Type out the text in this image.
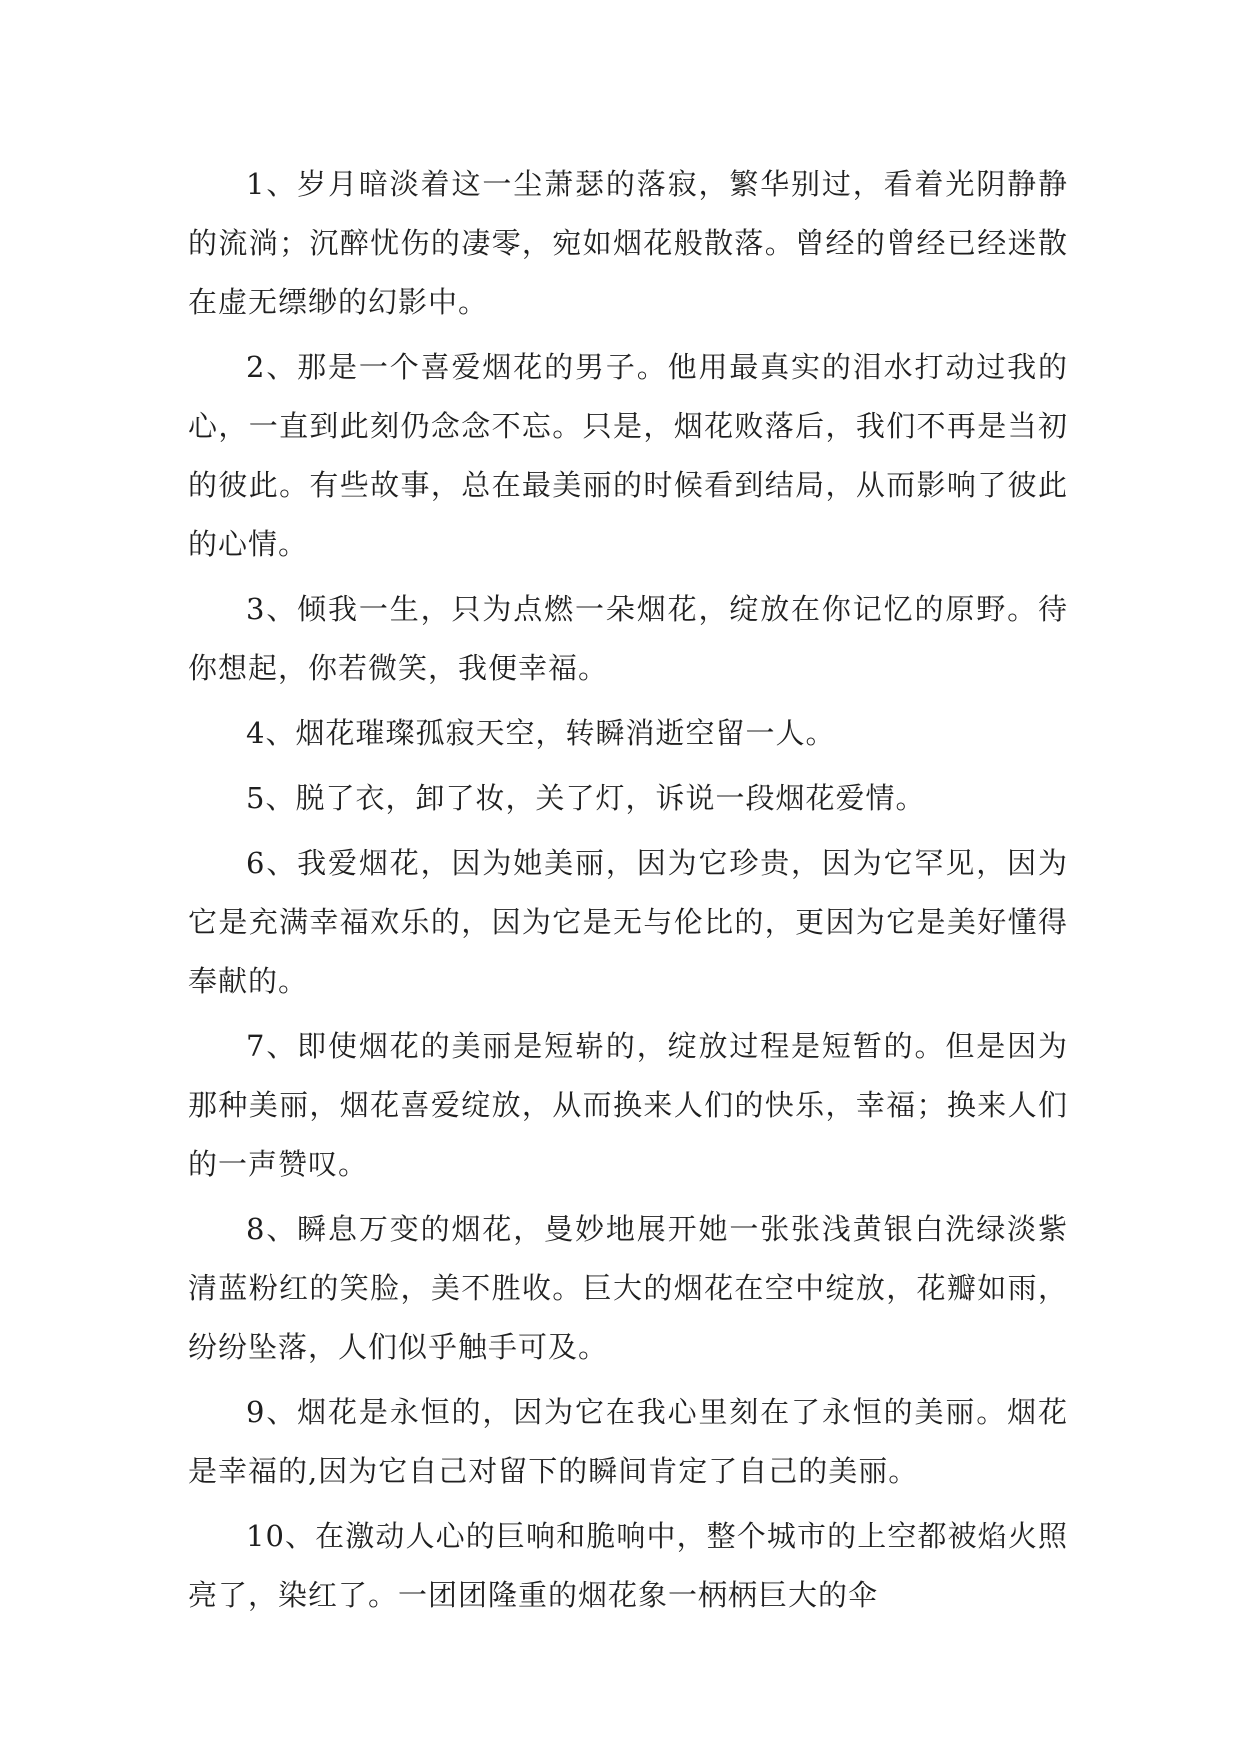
1、岁月暗淡着这一尘萧瑟的落寂，繁华别过，看着光阴静静的流淌；沉醉忧伤的凄零，宛如烟花般散落。曾经的曾经已经迷散在虚无缥缈的幻影中。

2、那是一个喜爱烟花的男子。他用最真实的泪水打动过我的心，一直到此刻仍念念不忘。只是，烟花败落后，我们不再是当初的彼此。有些故事，总在最美丽的时候看到结局，从而影响了彼此的心情。

3、倾我一生，只为点燃一朵烟花，绽放在你记忆的原野。待你想起，你若微笑，我便幸福。

4、烟花璀璨孤寂天空，转瞬消逝空留一人。

5、脱了衣，卸了妆，关了灯，诉说一段烟花爱情。

6、我爱烟花，因为她美丽，因为它珍贵，因为它罕见，因为它是充满幸福欢乐的，因为它是无与伦比的，更因为它是美好懂得奉献的。

7、即使烟花的美丽是短崭的，绽放过程是短暂的。但是因为那种美丽，烟花喜爱绽放，从而换来人们的快乐，幸福；换来人们的一声赞叹。

8、瞬息万变的烟花，曼妙地展开她一张张浅黄银白洗绿淡紫清蓝粉红的笑脸，美不胜收。巨大的烟花在空中绽放，花瓣如雨，纷纷坠落，人们似乎触手可及。

9、烟花是永恒的，因为它在我心里刻在了永恒的美丽。烟花是幸福的,因为它自己对留下的瞬间肯定了自己的美丽。

10、在激动人心的巨响和脆响中，整个城市的上空都被焰火照亮了，染红了。一团团隆重的烟花象一柄柄巨大的伞
